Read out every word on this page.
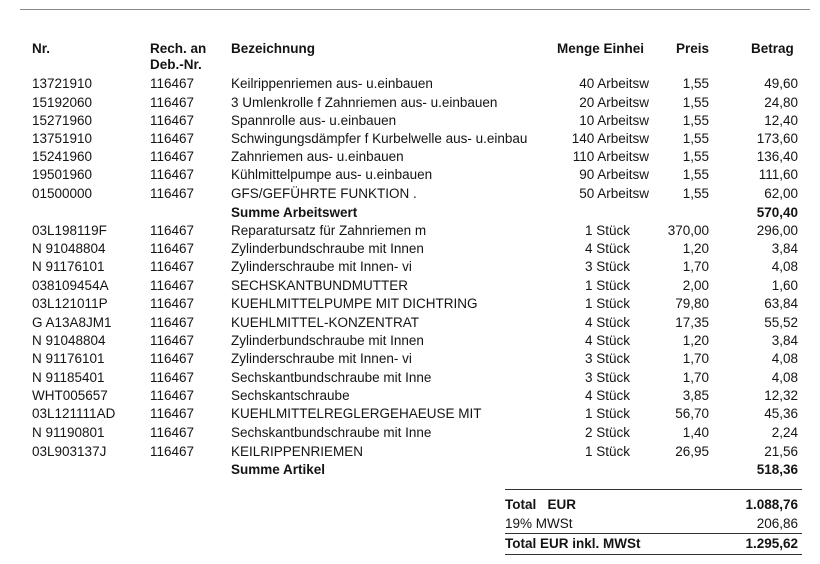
Nr.	Rech. an
Deb.-Nr.
Bezeichnung	Menge Einhei Preis	Betrag
13721910	116467	Keilrippenriemen aus- u.einbauen	40 Arbeitsw 1,55	49,60
15192060	116467	3 Umlenkrolle f Zahnriemen aus- u.einbauen	20 Arbeitsw 1,55	24,80
15271960	116467	Spannrolle aus- u.einbauen	10 Arbeitsw 1,55	12,40
13751910	116467	Schwingungsdämpfer f Kurbelwelle aus- u.einbau	140 Arbeitsw 1,55	173,60
15241960	116467	Zahnriemen aus- u.einbauen	110 Arbeitsw 1,55	136,40
19501960	116467	Kühlmittelpumpe aus- u.einbauen	90 Arbeitsw 1,55	111,60
01500000	116467	GFS/GEFÜHRTE FUNKTION .	50 Arbeitsw 1,55	62,00
Summe Arbeitswert	570,40
03L198119F	116467	Reparatursatz für Zahnriemen m	1 Stück	370,00	296,00
N 91048804	116467	Zylinderbundschraube mit Innen	4 Stück	1,20	3,84
N 91176101	116467	Zylinderschraube mit Innen- vi	3 Stück	1,70	4,08
038109454A	116467	SECHSKANTBUNDMUTTER	1 Stück	2,00	1,60
03L121011P	116467	KUEHLMITTELPUMPE MIT DICHTRING	1 Stück	79,80	63,84
G A13A8JM1	116467	KUEHLMITTEL-KONZENTRAT	4 Stück	17,35	55,52
N 91048804	116467	Zylinderbundschraube mit Innen	4 Stück	1,20	3,84
N 91176101	116467	Zylinderschraube mit Innen- vi	3 Stück	1,70	4,08
N 91185401	116467	Sechskantbundschraube mit Inne	3 Stück	1,70	4,08
WHT005657	116467	Sechskantschraube	4 Stück	3,85	12,32
03L121111AD	116467	KUEHLMITTELREGLERGEHAEUSE MIT	1 Stück	56,70	45,36
N 91190801	116467	Sechskantbundschraube mit Inne	2 Stück	1,40	2,24
03L903137J	116467	KEILRIPPENRIEMEN	1 Stück	26,95	21,56
Summe Artikel	518,36
Total   EUR	1.088,76
19% MWSt	206,86
Total EUR inkl. MWSt	1.295,62
